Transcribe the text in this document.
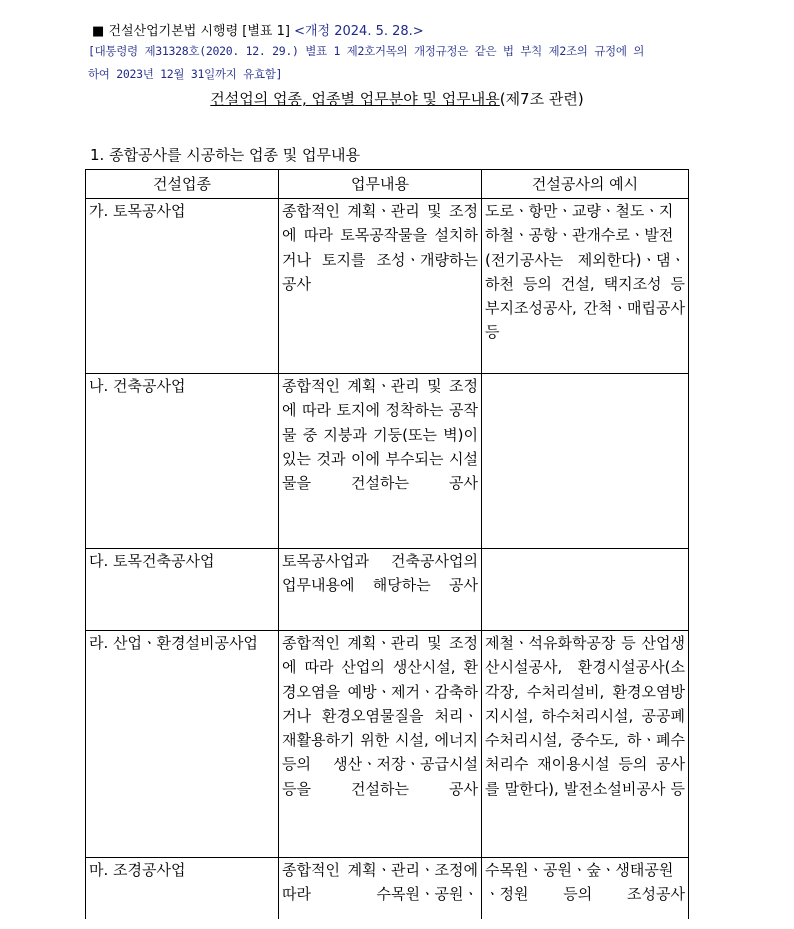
■ 건설산업기본법 시행령 [별표 1] <개정 2024. 5. 28.>
[대통령령 제31328호(2020. 12. 29.) 별표 1 제2호거목의 개정규정은 같은 법 부칙 제2조의 규정에 의
하여 2023년 12월 31일까지 유효함]
건설업의 업종, 업종별 업무분야 및 업무내용(제7조 관련)
1. 종합공사를 시공하는 업종 및 업무내용
건설업종	업무내용	건설공사의 예시
가. 토목공사업	종합적인 계획ㆍ관리 및 조정에 따라 토목공작물을 설치하거나 토지를 조성ㆍ개량하는 공사	도로ㆍ항만ㆍ교량ㆍ철도ㆍ지하철ㆍ공항ㆍ관개수로ㆍ발전(전기공사는 제외한다)ㆍ댐ㆍ하천 등의 건설, 택지조성 등 부지조성공사, 간척ㆍ매립공사 등
나. 건축공사업	종합적인 계획ㆍ관리 및 조정에 따라 토지에 정착하는 공작물 중 지붕과 기둥(또는 벽)이 있는 것과 이에 부수되는 시설물을 건설하는 공사	
다. 토목건축공사업	토목공사업과 건축공사업의 업무내용에 해당하는 공사	
라. 산업ㆍ환경설비공사업	종합적인 계획ㆍ관리 및 조정에 따라 산업의 생산시설, 환경오염을 예방ㆍ제거ㆍ감축하거나 환경오염물질을 처리ㆍ재활용하기 위한 시설, 에너지 등의 생산ㆍ저장ㆍ공급시설 등을 건설하는 공사	제철ㆍ석유화학공장 등 산업생산시설공사, 환경시설공사(소각장, 수처리설비, 환경오염방지시설, 하수처리시설, 공공폐수처리시설, 중수도, 하ㆍ폐수처리수 재이용시설 등의 공사를 말한다), 발전소설비공사 등
마. 조경공사업	종합적인 계획ㆍ관리ㆍ조정에 따라 수목원ㆍ공원ㆍ	수목원ㆍ공원ㆍ숲ㆍ생태공원ㆍ정원 등의 조성공사
